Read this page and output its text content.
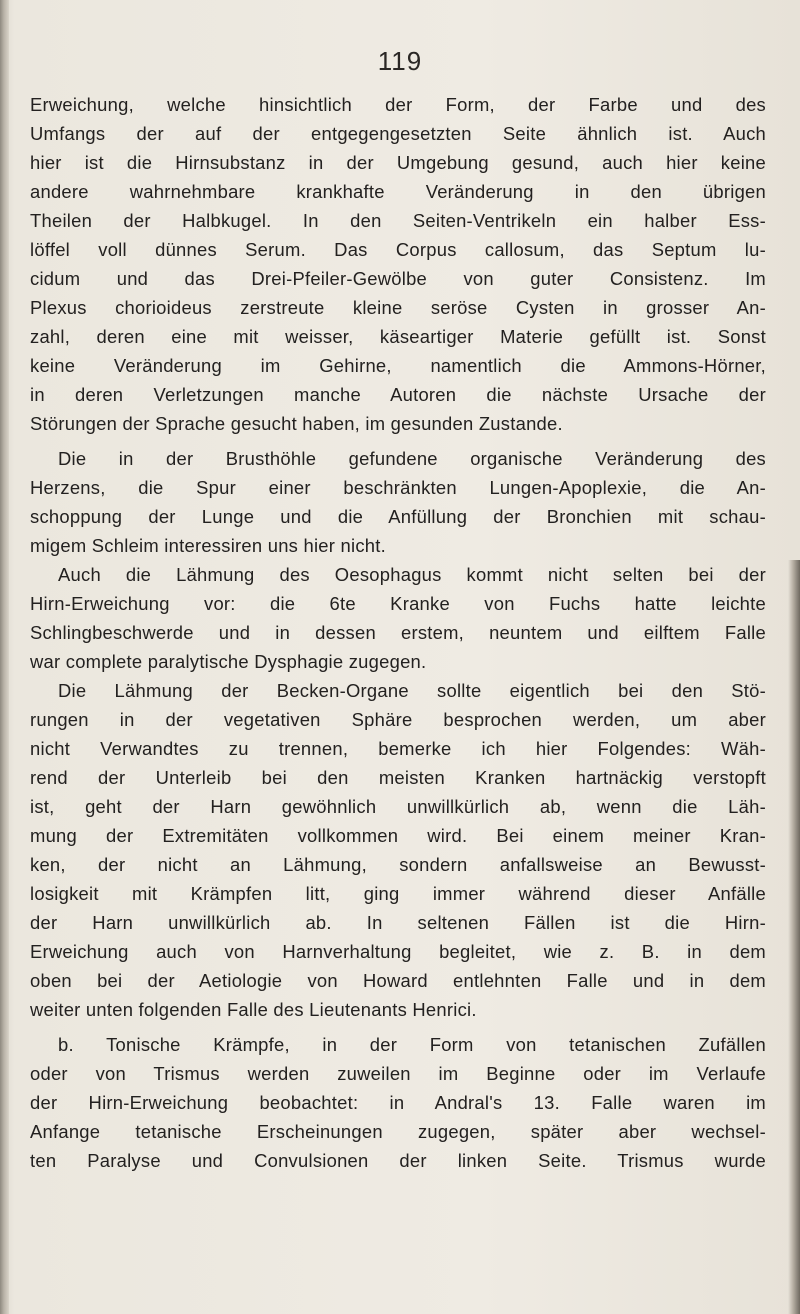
119
Erweichung, welche hinsichtlich der Form, der Farbe und des
Umfangs der auf der entgegengesetzten Seite ähnlich ist. Auch
hier ist die Hirnsubstanz in der Umgebung gesund, auch hier keine
andere wahrnehmbare krankhafte Veränderung in den übrigen
Theilen der Halbkugel. In den Seiten-Ventrikeln ein halber Ess-
löffel voll dünnes Serum. Das Corpus callosum, das Septum lu-
cidum und das Drei-Pfeiler-Gewölbe von guter Consistenz. Im
Plexus chorioideus zerstreute kleine seröse Cysten in grosser An-
zahl, deren eine mit weisser, käseartiger Materie gefüllt ist. Sonst
keine Veränderung im Gehirne, namentlich die Ammons-Hörner,
in deren Verletzungen manche Autoren die nächste Ursache der
Störungen der Sprache gesucht haben, im gesunden Zustande.
Die in der Brusthöhle gefundene organische Veränderung des
Herzens, die Spur einer beschränkten Lungen-Apoplexie, die An-
schoppung der Lunge und die Anfüllung der Bronchien mit schau-
migem Schleim interessiren uns hier nicht.
Auch die Lähmung des Oesophagus kommt nicht selten bei der
Hirn-Erweichung vor: die 6te Kranke von Fuchs hatte leichte
Schlingbeschwerde und in dessen erstem, neuntem und eilftem Falle
war complete paralytische Dysphagie zugegen.
Die Lähmung der Becken-Organe sollte eigentlich bei den Stö-
rungen in der vegetativen Sphäre besprochen werden, um aber
nicht Verwandtes zu trennen, bemerke ich hier Folgendes: Wäh-
rend der Unterleib bei den meisten Kranken hartnäckig verstopft
ist, geht der Harn gewöhnlich unwillkürlich ab, wenn die Läh-
mung der Extremitäten vollkommen wird. Bei einem meiner Kran-
ken, der nicht an Lähmung, sondern anfallsweise an Bewusst-
losigkeit mit Krämpfen litt, ging immer während dieser Anfälle
der Harn unwillkürlich ab. In seltenen Fällen ist die Hirn-
Erweichung auch von Harnverhaltung begleitet, wie z. B. in dem
oben bei der Aetiologie von Howard entlehnten Falle und in dem
weiter unten folgenden Falle des Lieutenants Henrici.
b. Tonische Krämpfe, in der Form von tetanischen Zufällen
oder von Trismus werden zuweilen im Beginne oder im Verlaufe
der Hirn-Erweichung beobachtet: in Andral's 13. Falle waren im
Anfange tetanische Erscheinungen zugegen, später aber wechsel-
ten Paralyse und Convulsionen der linken Seite. Trismus wurde
